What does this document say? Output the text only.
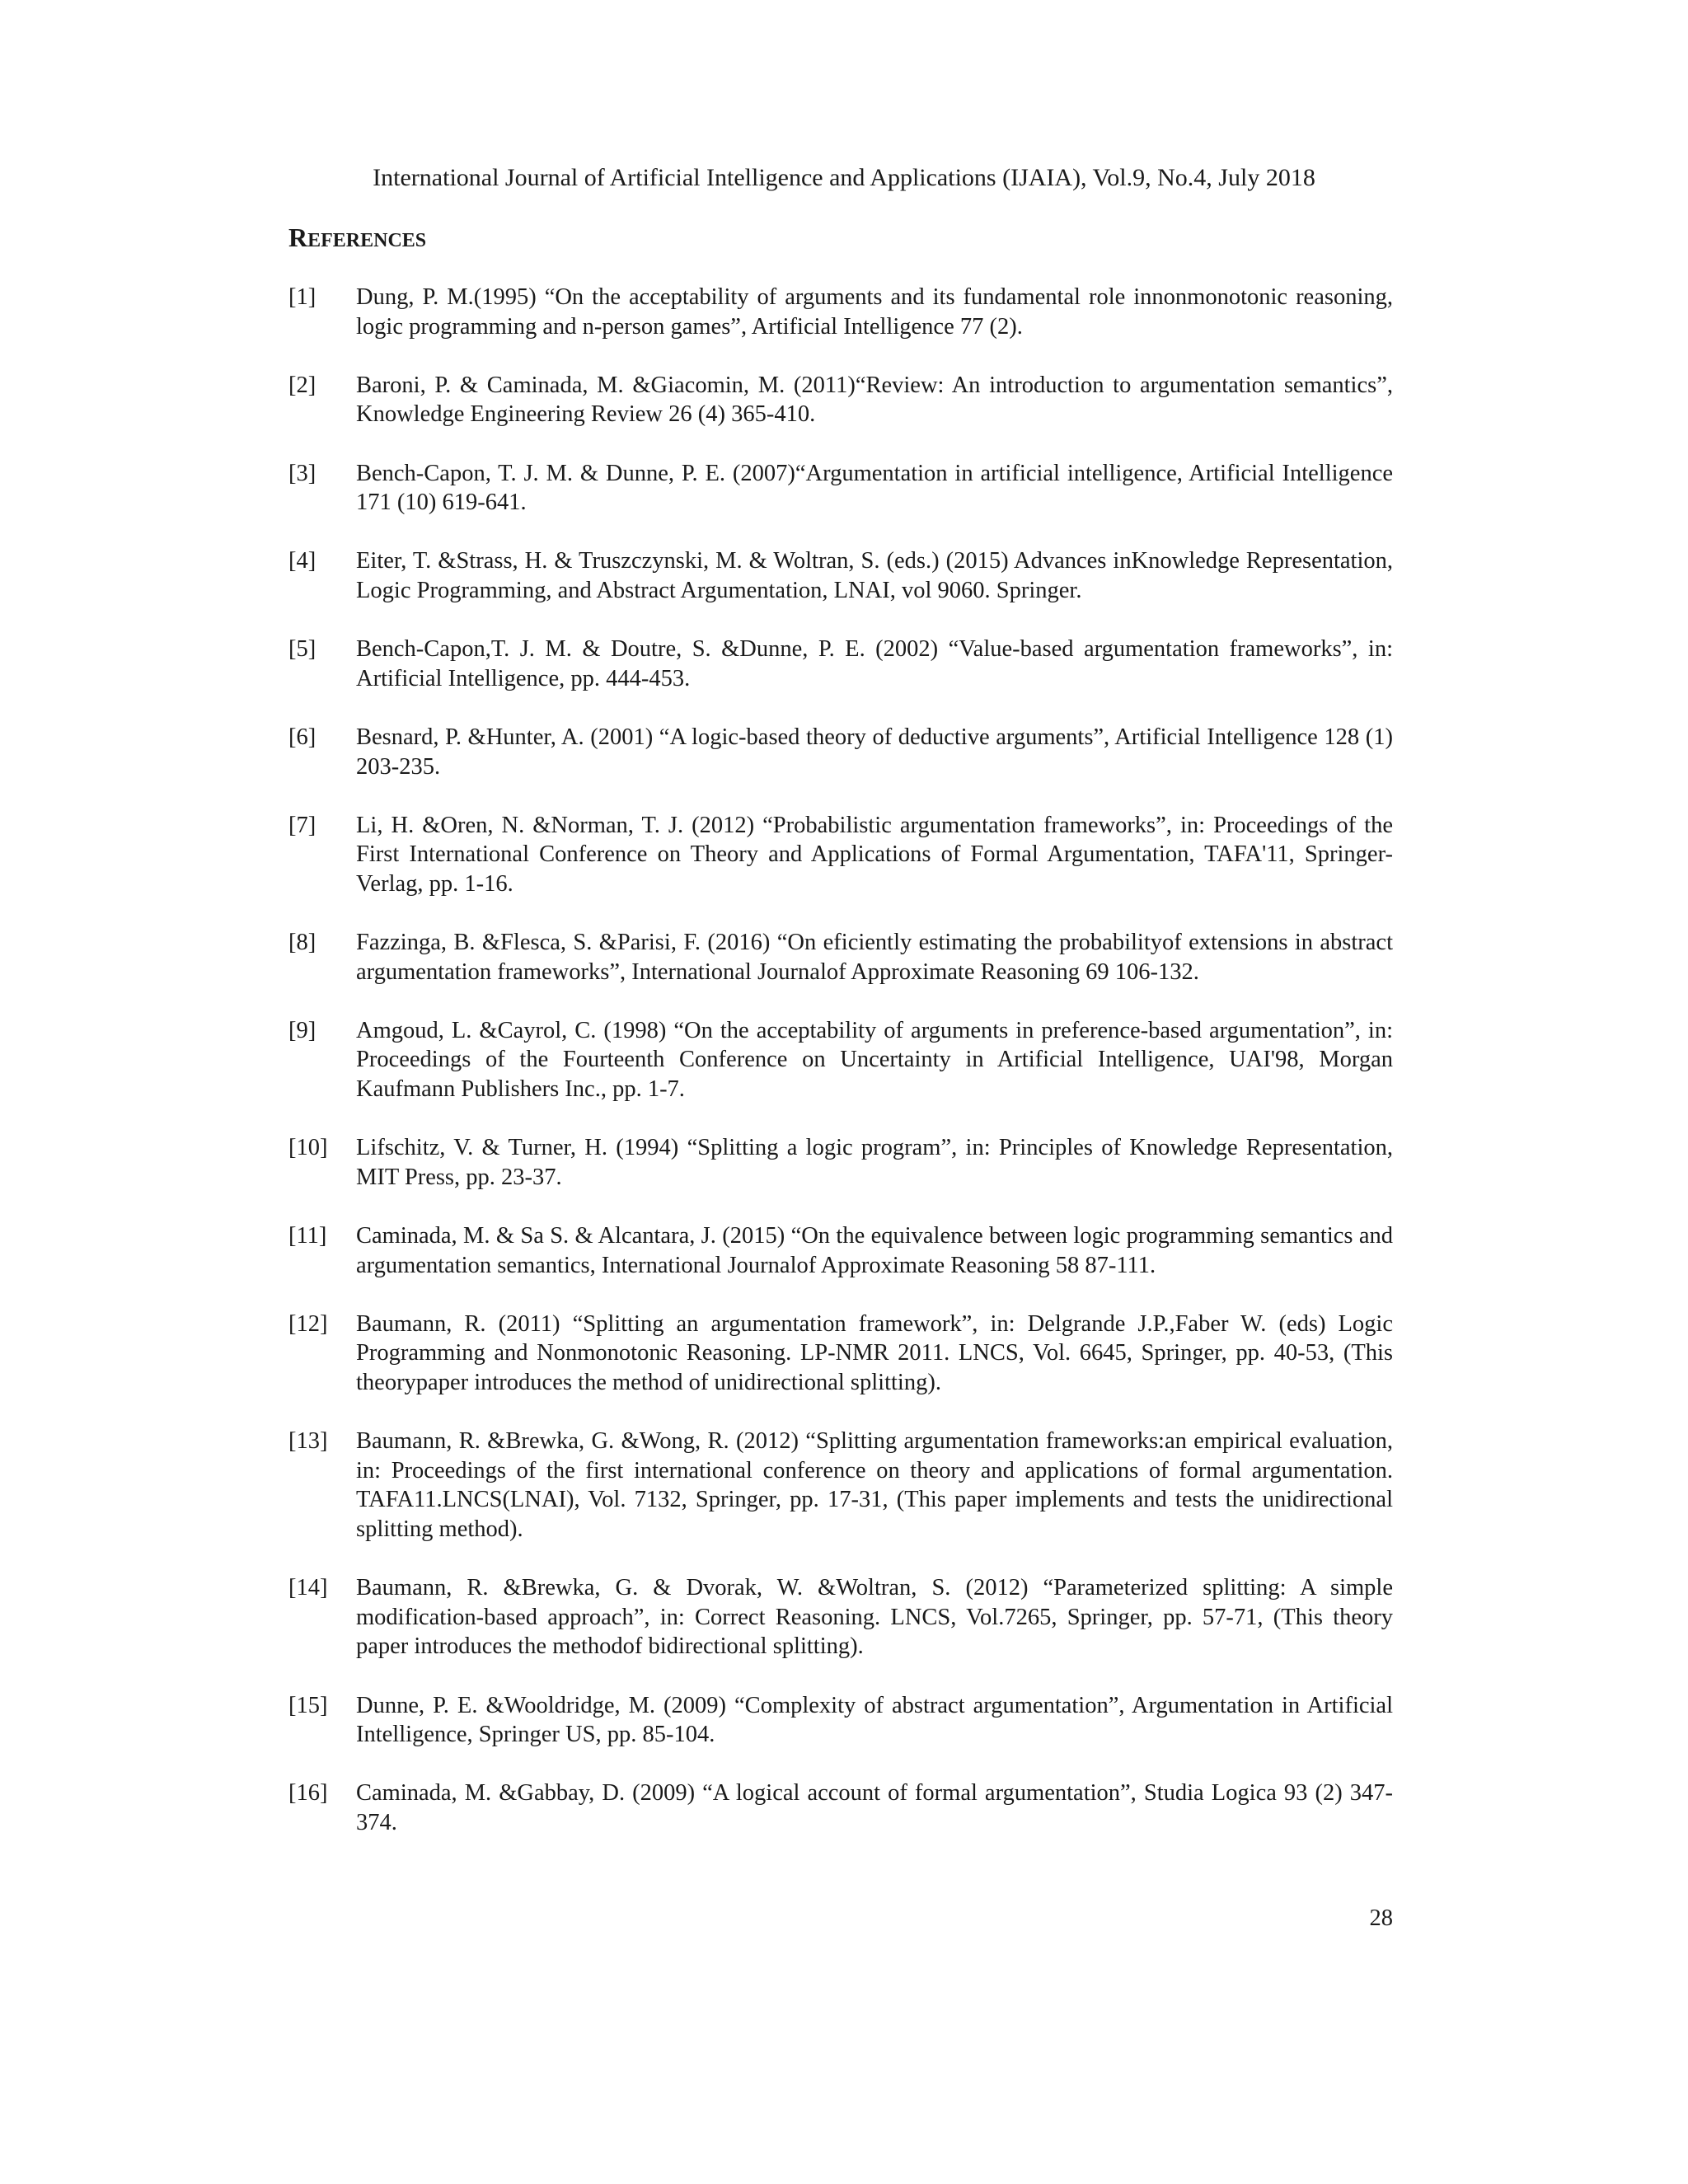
International Journal of Artificial Intelligence and Applications (IJAIA), Vol.9, No.4, July 2018
REFERENCES
[1]	Dung, P. M.(1995) “On the acceptability of arguments and its fundamental role innonmonotonic reasoning, logic programming and n-person games”, Artificial Intelligence 77 (2).
[2]	Baroni, P. & Caminada, M. &Giacomin, M. (2011)“Review: An introduction to argumentation semantics”, Knowledge Engineering Review 26 (4) 365-410.
[3]	Bench-Capon, T. J. M. & Dunne, P. E. (2007)“Argumentation in artificial intelligence, Artificial Intelligence 171 (10) 619-641.
[4]	Eiter, T. &Strass, H. & Truszczynski, M. & Woltran, S. (eds.) (2015) Advances inKnowledge Representation, Logic Programming, and Abstract Argumentation, LNAI, vol 9060. Springer.
[5]	Bench-Capon,T. J. M. & Doutre, S. &Dunne, P. E. (2002) “Value-based argumentation frameworks”, in: Artificial Intelligence, pp. 444-453.
[6]	Besnard, P. &Hunter, A. (2001) “A logic-based theory of deductive arguments”, Artificial Intelligence 128 (1) 203-235.
[7]	Li, H. &Oren, N. &Norman, T. J. (2012) “Probabilistic argumentation frameworks”, in: Proceedings of the First International Conference on Theory and Applications of Formal Argumentation, TAFA'11, Springer-Verlag, pp. 1-16.
[8]	Fazzinga, B. &Flesca, S. &Parisi, F. (2016) “On eficiently estimating the probabilityof extensions in abstract argumentation frameworks”, International Journalof Approximate Reasoning 69 106-132.
[9]	Amgoud, L. &Cayrol, C. (1998) “On the acceptability of arguments in preference-based argumentation”, in: Proceedings of the Fourteenth Conference on Uncertainty in Artificial Intelligence, UAI'98, Morgan Kaufmann Publishers Inc., pp. 1-7.
[10]	Lifschitz, V. & Turner, H. (1994) “Splitting a logic program”, in: Principles of Knowledge Representation, MIT Press, pp. 23-37.
[11]	Caminada, M. & Sa S. & Alcantara, J. (2015) “On the equivalence between logic programming semantics and argumentation semantics, International Journalof Approximate Reasoning 58 87-111.
[12]	Baumann, R. (2011) “Splitting an argumentation framework”, in: Delgrande J.P.,Faber W. (eds) Logic Programming and Nonmonotonic Reasoning. LP-NMR 2011. LNCS, Vol. 6645, Springer, pp. 40-53, (This theorypaper introduces the method of unidirectional splitting).
[13]	Baumann, R. &Brewka, G. &Wong, R. (2012) “Splitting argumentation frameworks:an empirical evaluation, in: Proceedings of the first international conference on theory and applications of formal argumentation. TAFA11.LNCS(LNAI), Vol. 7132, Springer, pp. 17-31, (This paper implements and tests the unidirectional splitting method).
[14]	Baumann, R. &Brewka, G. & Dvorak, W. &Woltran, S. (2012) “Parameterized splitting: A simple modification-based approach”, in: Correct Reasoning. LNCS, Vol.7265, Springer, pp. 57-71, (This theory paper introduces the methodof bidirectional splitting).
[15]	Dunne, P. E. &Wooldridge, M. (2009) “Complexity of abstract argumentation”, Argumentation in Artificial Intelligence, Springer US, pp. 85-104.
[16]	Caminada, M. &Gabbay, D. (2009) “A logical account of formal argumentation”, Studia Logica 93 (2) 347-374.
28
